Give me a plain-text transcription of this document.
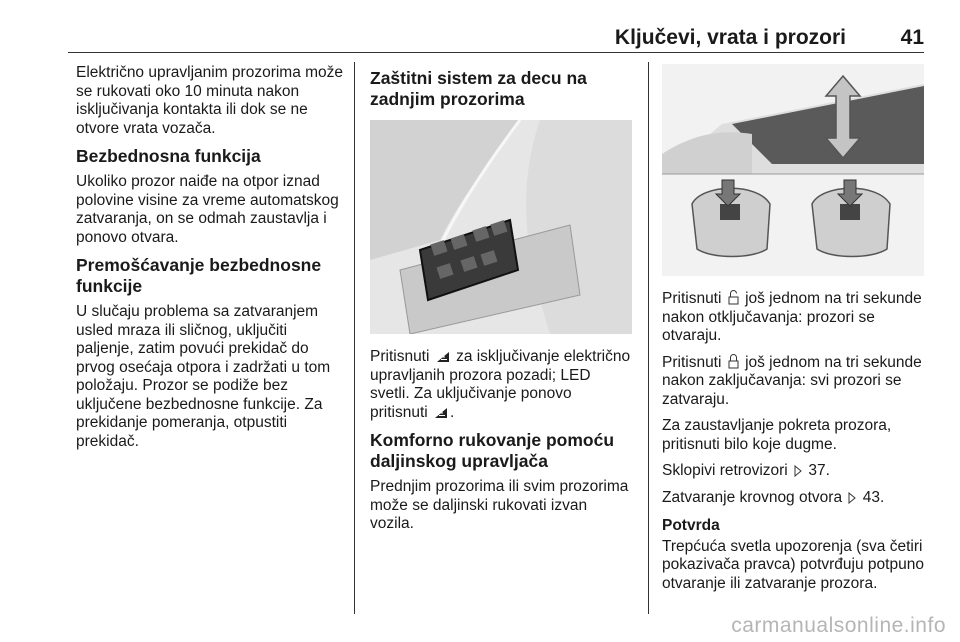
Ključevi, vrata i prozori	41

Električno upravljanim prozorima može se rukovati oko 10 minuta nakon isključivanja kontakta ili dok se ne otvore vrata vozača.

Bezbednosna funkcija

Ukoliko prozor naiđe na otpor iznad polovine visine za vreme automatskog zatvaranja, on se odmah zaustavlja i ponovo otvara.

Premošćavanje bezbednosne funkcije

U slučaju problema sa zatvaranjem usled mraza ili sličnog, uključiti paljenje, zatim povući prekidač do prvog osećaja otpora i zadržati u tom položaju. Prozor se podiže bez uključene bezbednosne funkcije. Za prekidanje pomeranja, otpustiti prekidač.

Zaštitni sistem za decu na zadnjim prozorima

Pritisnuti za isključivanje električno upravljanih prozora pozadi; LED svetli. Za uključivanje ponovo pritisnuti .

Komforno rukovanje pomoću daljinskog upravljača

Prednjim prozorima ili svim prozorima može se daljinski rukovati izvan vozila.

Pritisnuti još jednom na tri sekunde nakon otključavanja: prozori se otvaraju.

Pritisnuti još jednom na tri sekunde nakon zaključavanja: svi prozori se zatvaraju.

Za zaustavljanje pokreta prozora, pritisnuti bilo koje dugme.

Sklopivi retrovizori 37.

Zatvaranje krovnog otvora 43.

Potvrda

Trepćuća svetla upozorenja (sva četiri pokazivača pravca) potvrđuju potpuno otvaranje ili zatvaranje prozora.

carmanualsonline.info
